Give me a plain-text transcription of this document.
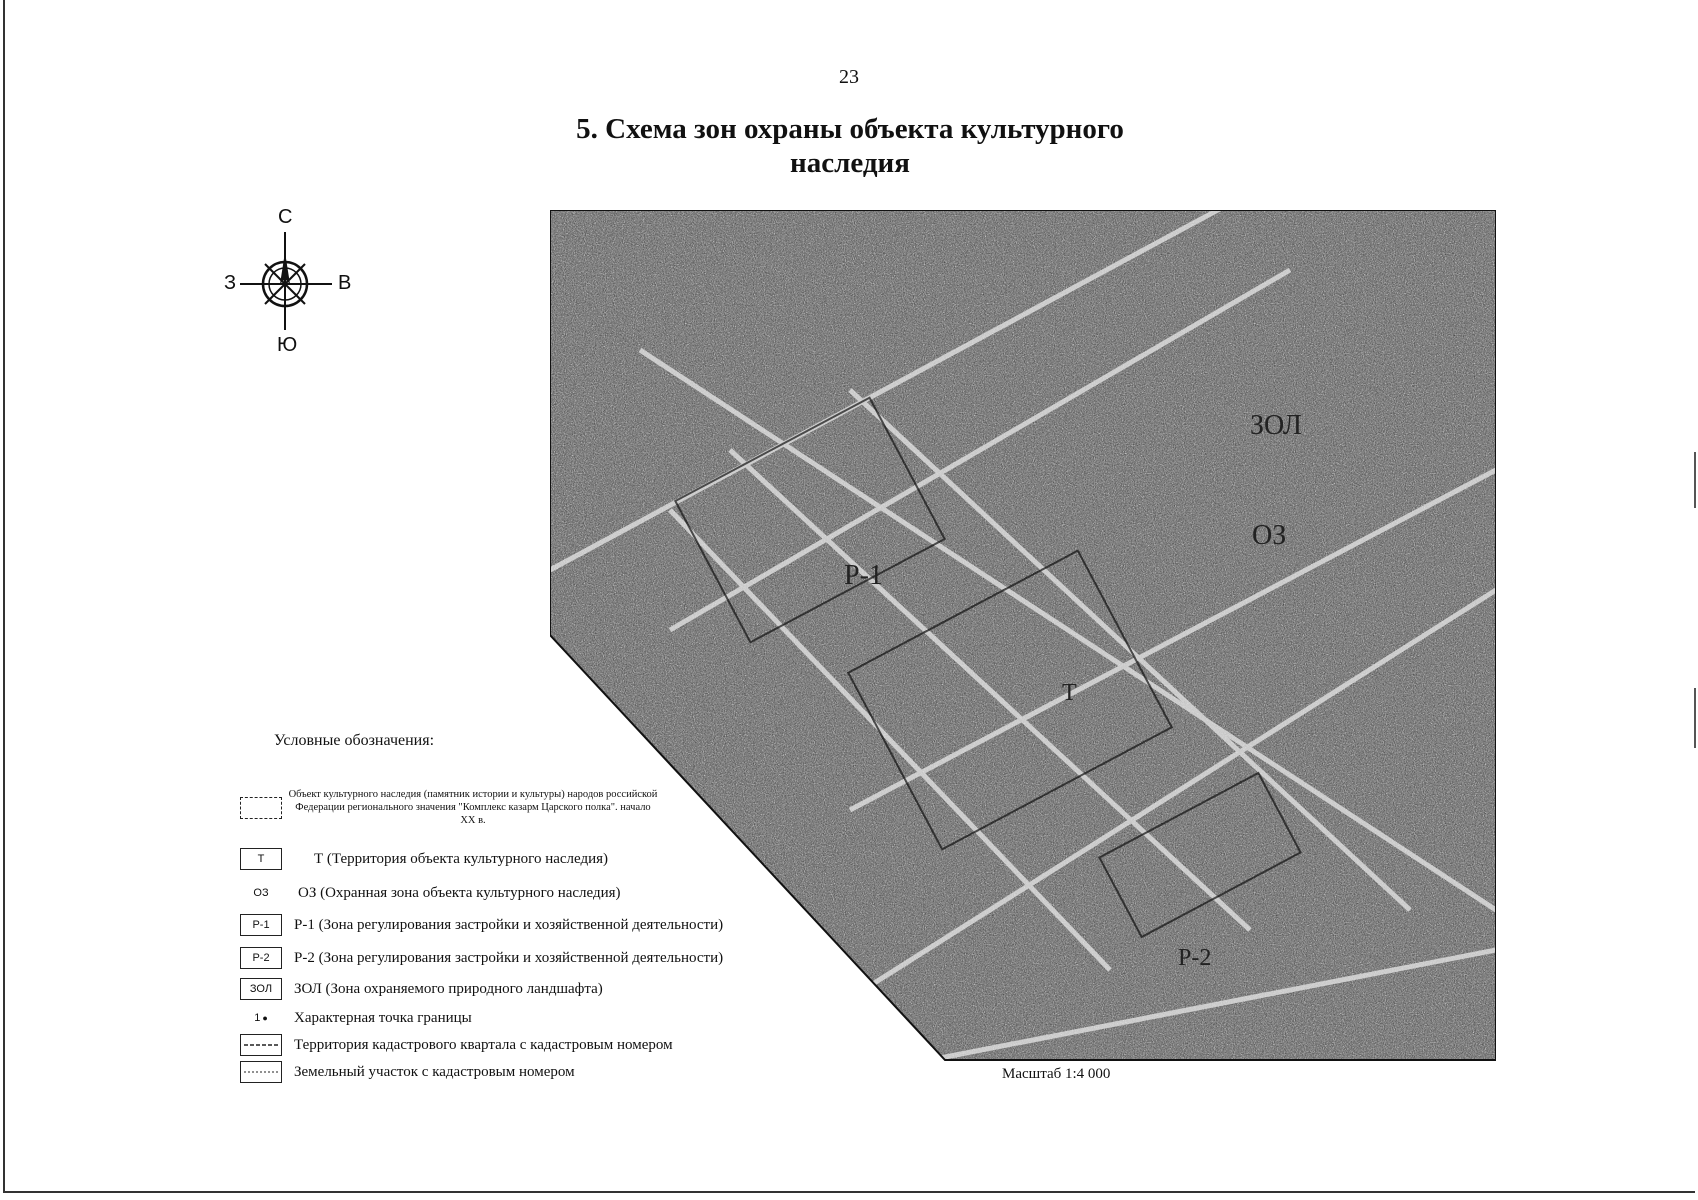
23
5. Схема зон охраны объекта культурного
наследия
С
Ю
З	В
ЗОЛ
ОЗ
Р-1
Р-2
Т
Условные обозначения:
Объект культурного наследия (памятник истории и культуры) народов российской Федерации регионального значения "Комплекс казарм Царского полка". начало XX в.
Т	Т (Территория объекта культурного наследия)
ОЗ	ОЗ (Охранная зона объекта культурного наследия)
Р-1	Р-1 (Зона регулирования застройки и хозяйственной деятельности)
Р-2	Р-2 (Зона регулирования застройки и хозяйственной деятельности)
ЗОЛ	ЗОЛ (Зона охраняемого природного ландшафта)
1 ● Характерная точка границы
Территория кадастрового квартала с кадастровым номером
Земельный участок с кадастровым номером	Масштаб 1:4 000
